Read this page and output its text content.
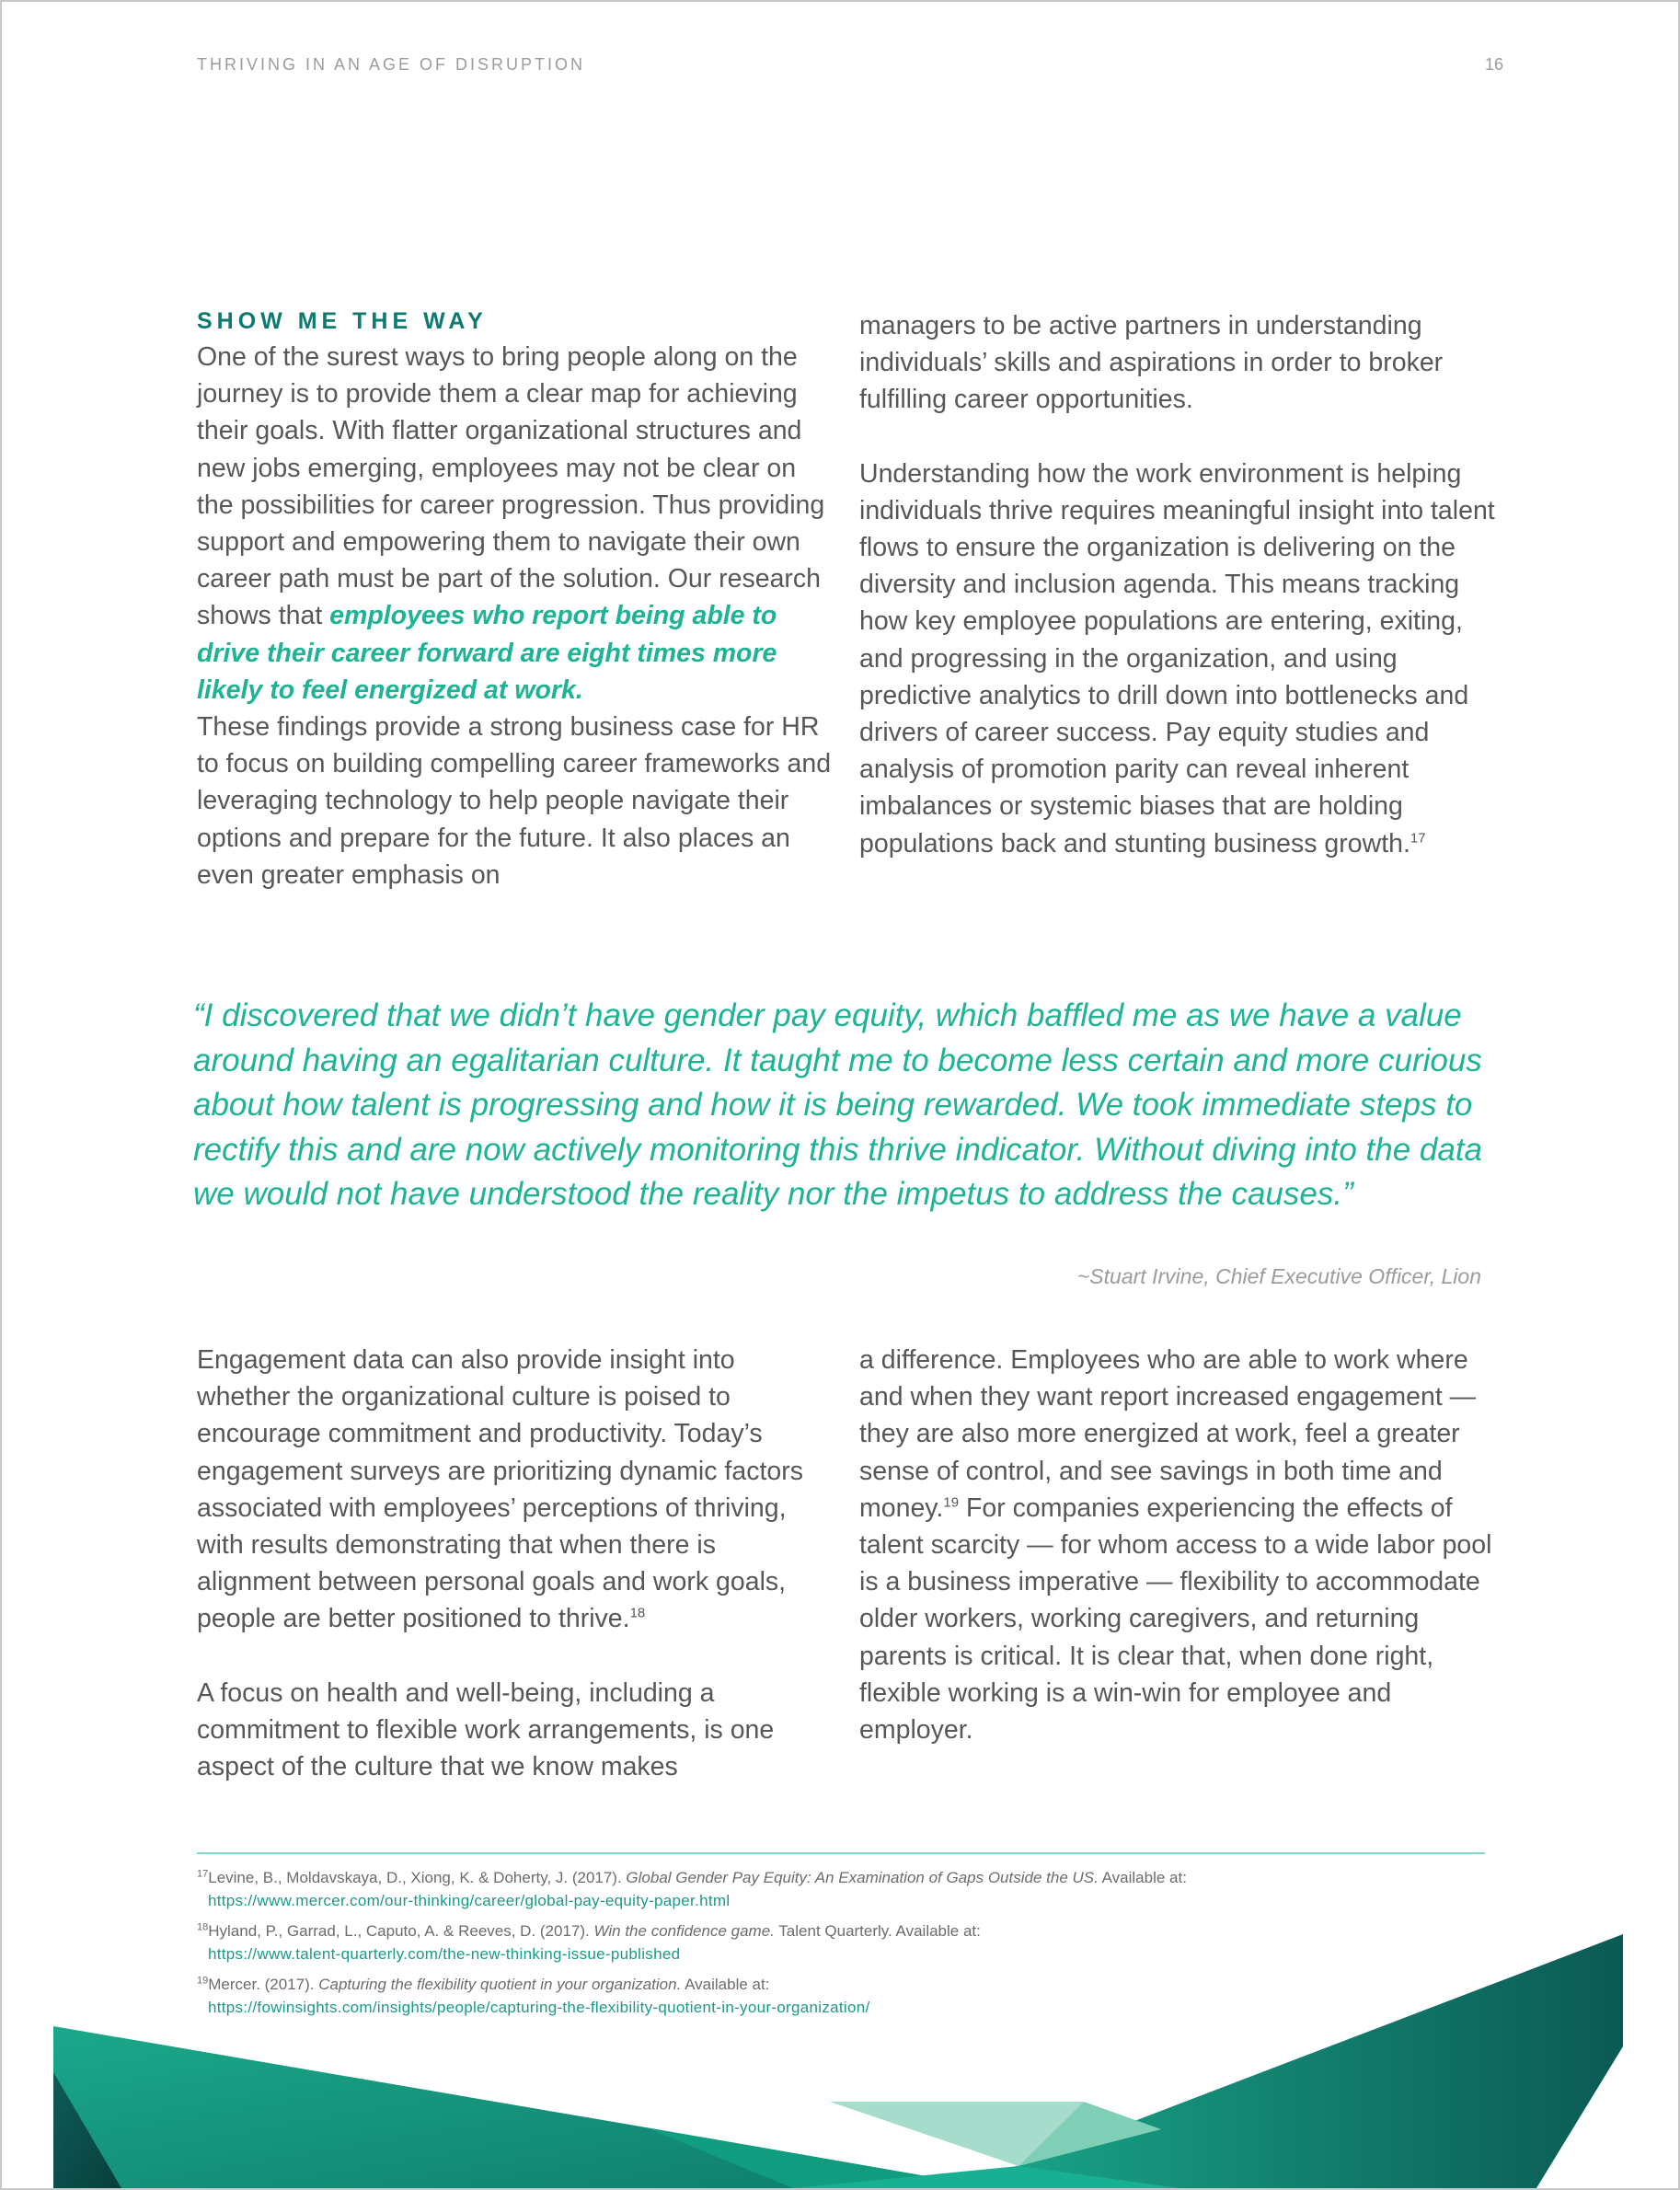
THRIVING IN AN AGE OF DISRUPTION	16
SHOW ME THE WAY

One of the surest ways to bring people along on the journey is to provide them a clear map for achieving their goals. With flatter organizational structures and new jobs emerging, employees may not be clear on the possibilities for career progression. Thus providing support and empowering them to navigate their own career path must be part of the solution. Our research shows that employees who report being able to drive their career forward are eight times more likely to feel energized at work.
These findings provide a strong business case for HR to focus on building compelling career frameworks and leveraging technology to help people navigate their options and prepare for the future. It also places an even greater emphasis on

managers to be active partners in understanding individuals’ skills and aspirations in order to broker fulfilling career opportunities.

Understanding how the work environment is helping individuals thrive requires meaningful insight into talent flows to ensure the organization is delivering on the diversity and inclusion agenda. This means tracking how key employee populations are entering, exiting, and progressing in the organization, and using predictive analytics to drill down into bottlenecks and drivers of career success. Pay equity studies and analysis of promotion parity can reveal inherent imbalances or systemic biases that are holding populations back and stunting business growth.$^{17}$

“I discovered that we didn’t have gender pay equity, which baffled me as we have a value around having an egalitarian culture. It taught me to become less certain and more curious about how talent is progressing and how it is being rewarded. We took immediate steps to rectify this and are now actively monitoring this thrive indicator. Without diving into the data we would not have understood the reality nor the impetus to address the causes.”
~Stuart Irvine, Chief Executive Officer, Lion

Engagement data can also provide insight into whether the organizational culture is poised to encourage commitment and productivity. Today’s engagement surveys are prioritizing dynamic factors associated with employees’ perceptions of thriving, with results demonstrating that when there is alignment between personal goals and work goals, people are better positioned to thrive.$^{18}$

A focus on health and well-being, including a commitment to flexible work arrangements, is one aspect of the culture that we know makes

a difference. Employees who are able to work where and when they want report increased engagement — they are also more energized at work, feel a greater sense of control, and see savings in both time and money.$^{19}$ For companies experiencing the effects of talent scarcity — for whom access to a wide labor pool is a business imperative — flexibility to accommodate older workers, working caregivers, and returning parents is critical. It is clear that, when done right, flexible working is a win-win for employee and employer.

$^{17}$Levine, B., Moldavskaya, D., Xiong, K. & Doherty, J. (2017). Global Gender Pay Equity: An Examination of Gaps Outside the US. Available at:
https://www.mercer.com/our-thinking/career/global-pay-equity-paper.html
$^{18}$Hyland, P., Garrad, L., Caputo, A. & Reeves, D. (2017). Win the confidence game. Talent Quarterly. Available at:
https://www.talent-quarterly.com/the-new-thinking-issue-published
$^{19}$Mercer. (2017). Capturing the flexibility quotient in your organization. Available at:
https://fowinsights.com/insights/people/capturing-the-flexibility-quotient-in-your-organization/
